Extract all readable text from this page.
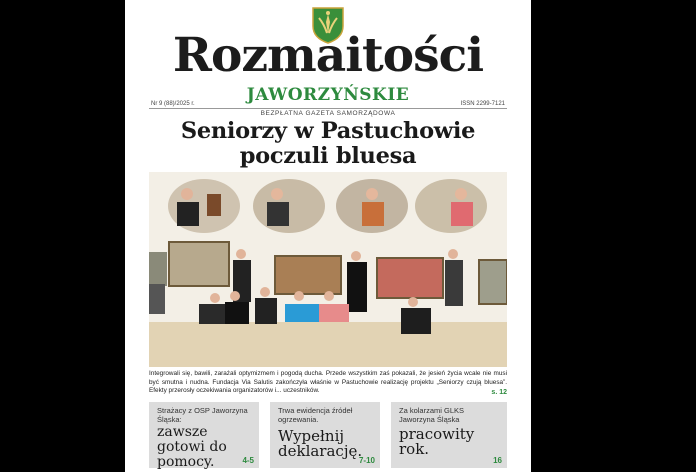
Rozmaitości
JAWORZYŃSKIE
Nr 9 (88)/2025 r.	ISSN 2299-7121
BEZPŁATNA GAZETA SAMORZĄDOWA
Seniorzy w Pastuchowie
poczuli bluesa
Integrowali się, bawili, zarażali optymizmem i pogodą ducha. Przede wszystkim zaś pokazali, że jesień życia wcale nie musi być smutna i nudna. Fundacja Via Salutis zakończyła właśnie w Pastuchowie realizację projektu „Seniorzy czują bluesa”. Efekty przerosły oczekiwania organizatorów i... uczestników.	s. 12
Strażacy z OSP Jaworzyna Śląska:
zawsze
gotowi do
pomocy.	4-5
Trwa ewidencja źródeł ogrzewania.
Wypełnij
deklarację.
7-10
Za kolarzami GLKS Jaworzyna Śląska
pracowity
rok.
16
